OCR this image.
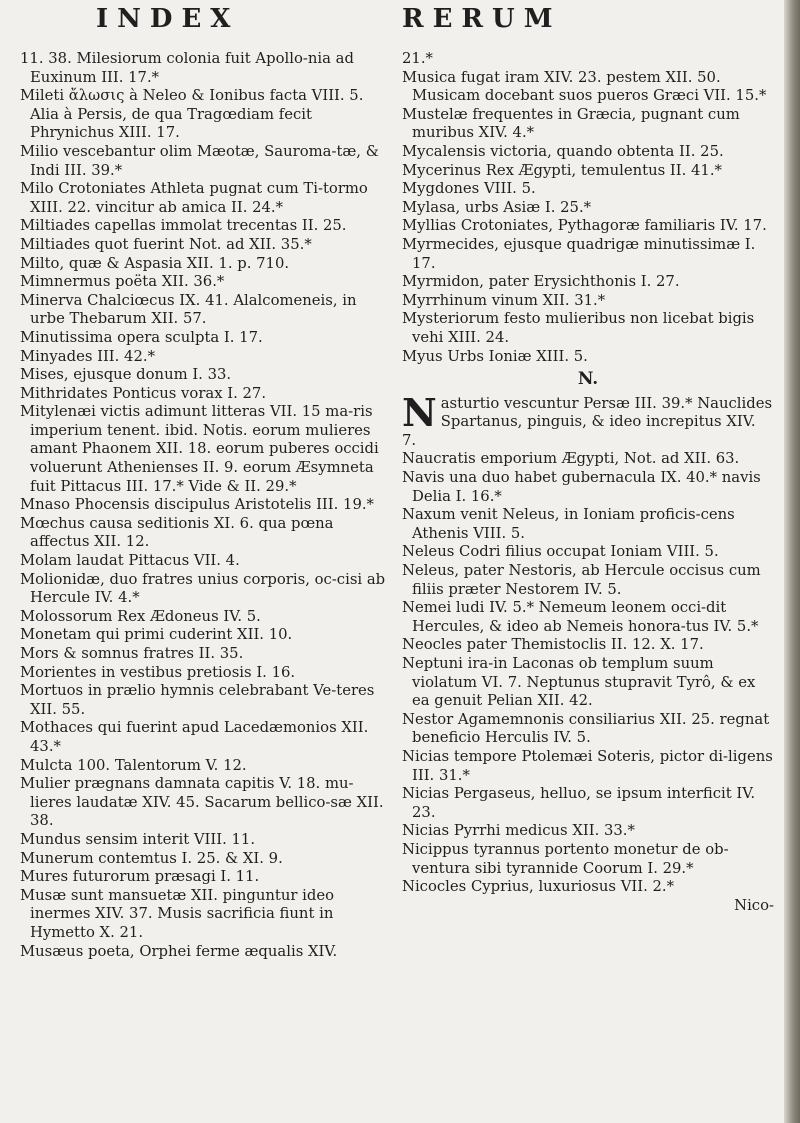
INDEX	RERUM

11. 38. Milesiorum colonia fuit Apollo-nia ad Euxinum III. 17.*

Mileti ἄλωσις à Neleo & Ionibus facta VIII. 5. Alia à Persis, de qua Tragœdiam fecit Phrynichus XIII. 17.

Milio vescebantur olim Mæotæ, Sauroma-tæ, & Indi III. 39.*

Milo Crotoniates Athleta pugnat cum Ti-tormo XIII. 22. vincitur ab amica II. 24.*

Miltiades capellas immolat trecentas II. 25.

Miltiades quot fuerint Not. ad XII. 35.*

Milto, quæ & Aspasia XII. 1. p. 710.

Mimnermus poëta XII. 36.*

Minerva Chalciœcus IX. 41. Alalcomeneis, in urbe Thebarum XII. 57.

Minutissima opera sculpta I. 17.

Minyades III. 42.*

Mises, ejusque donum I. 33.

Mithridates Ponticus vorax I. 27.

Mitylenæi victis adimunt litteras VII. 15 ma-ris imperium tenent. ibid. Notis. eorum mulieres amant Phaonem XII. 18. eorum puberes occidi voluerunt Athenienses II. 9. eorum Æsymneta fuit Pittacus III. 17.* Vide & II. 29.*

Mnaso Phocensis discipulus Aristotelis III. 19.*

Mœchus causa seditionis XI. 6. qua pœna affectus XII. 12.

Molam laudat Pittacus VII. 4.

Molionidæ, duo fratres unius corporis, oc-cisi ab Hercule IV. 4.*

Molossorum Rex Ædoneus IV. 5.

Monetam qui primi cuderint XII. 10.

Mors & somnus fratres II. 35.

Morientes in vestibus pretiosis I. 16.

Mortuos in prælio hymnis celebrabant Ve-teres XII. 55.

Mothaces qui fuerint apud Lacedæmonios XII. 43.*

Mulcta 100. Talentorum V. 12.

Mulier prægnans damnata capitis V. 18. mu-lieres laudatæ XIV. 45. Sacarum bellico-sæ XII. 38.

Mundus sensim interit VIII. 11.

Munerum contemtus I. 25. & XI. 9.

Mures futurorum præsagi I. 11.

Musæ sunt mansuetæ XII. pinguntur ideo inermes XIV. 37. Musis sacrificia fiunt in Hymetto X. 21.

Musæus poeta, Orphei ferme æqualis XIV.

21.*

Musica fugat iram XIV. 23. pestem XII. 50. Musicam docebant suos pueros Græci VII. 15.*

Mustelæ frequentes in Græcia, pugnant cum muribus XIV. 4.*

Mycalensis victoria, quando obtenta II. 25.

Mycerinus Rex Ægypti, temulentus II. 41.*

Mygdones VIII. 5.

Mylasa, urbs Asiæ I. 25.*

Myllias Crotoniates, Pythagoræ familiaris IV. 17.

Myrmecides, ejusque quadrigæ minutissimæ I. 17.

Myrmidon, pater Erysichthonis I. 27.

Myrrhinum vinum XII. 31.*

Mysteriorum festo mulieribus non licebat bigis vehi XIII. 24.

Myus Urbs Ioniæ XIII. 5.

N.

N asturtio vescuntur Persæ III. 39.* Nauclides Spartanus, pinguis, & ideo increpitus XIV. 7.

Naucratis emporium Ægypti, Not. ad XII. 63.

Navis una duo habet gubernacula IX. 40.* navis Delia I. 16.*

Naxum venit Neleus, in Ioniam proficis-cens Athenis VIII. 5.

Neleus Codri filius occupat Ioniam VIII. 5.

Neleus, pater Nestoris, ab Hercule occisus cum filiis præter Nestorem IV. 5.

Nemei ludi IV. 5.* Nemeum leonem occi-dit Hercules, & ideo ab Nemeis honora-tus IV. 5.*

Neocles pater Themistoclis II. 12. X. 17.

Neptuni ira-in Laconas ob templum suum violatum VI. 7. Neptunus stupravit Tyrô, & ex ea genuit Pelian XII. 42.

Nestor Agamemnonis consiliarius XII. 25. regnat beneficio Herculis IV. 5.

Nicias tempore Ptolemæi Soteris, pictor di-ligens III. 31.*

Nicias Pergaseus, helluo, se ipsum interficit IV. 23.

Nicias Pyrrhi medicus XII. 33.*

Nicippus tyrannus portento monetur de ob-ventura sibi tyrannide Coorum I. 29.*

Nicocles Cyprius, luxuriosus VII. 2.*

Nico-
